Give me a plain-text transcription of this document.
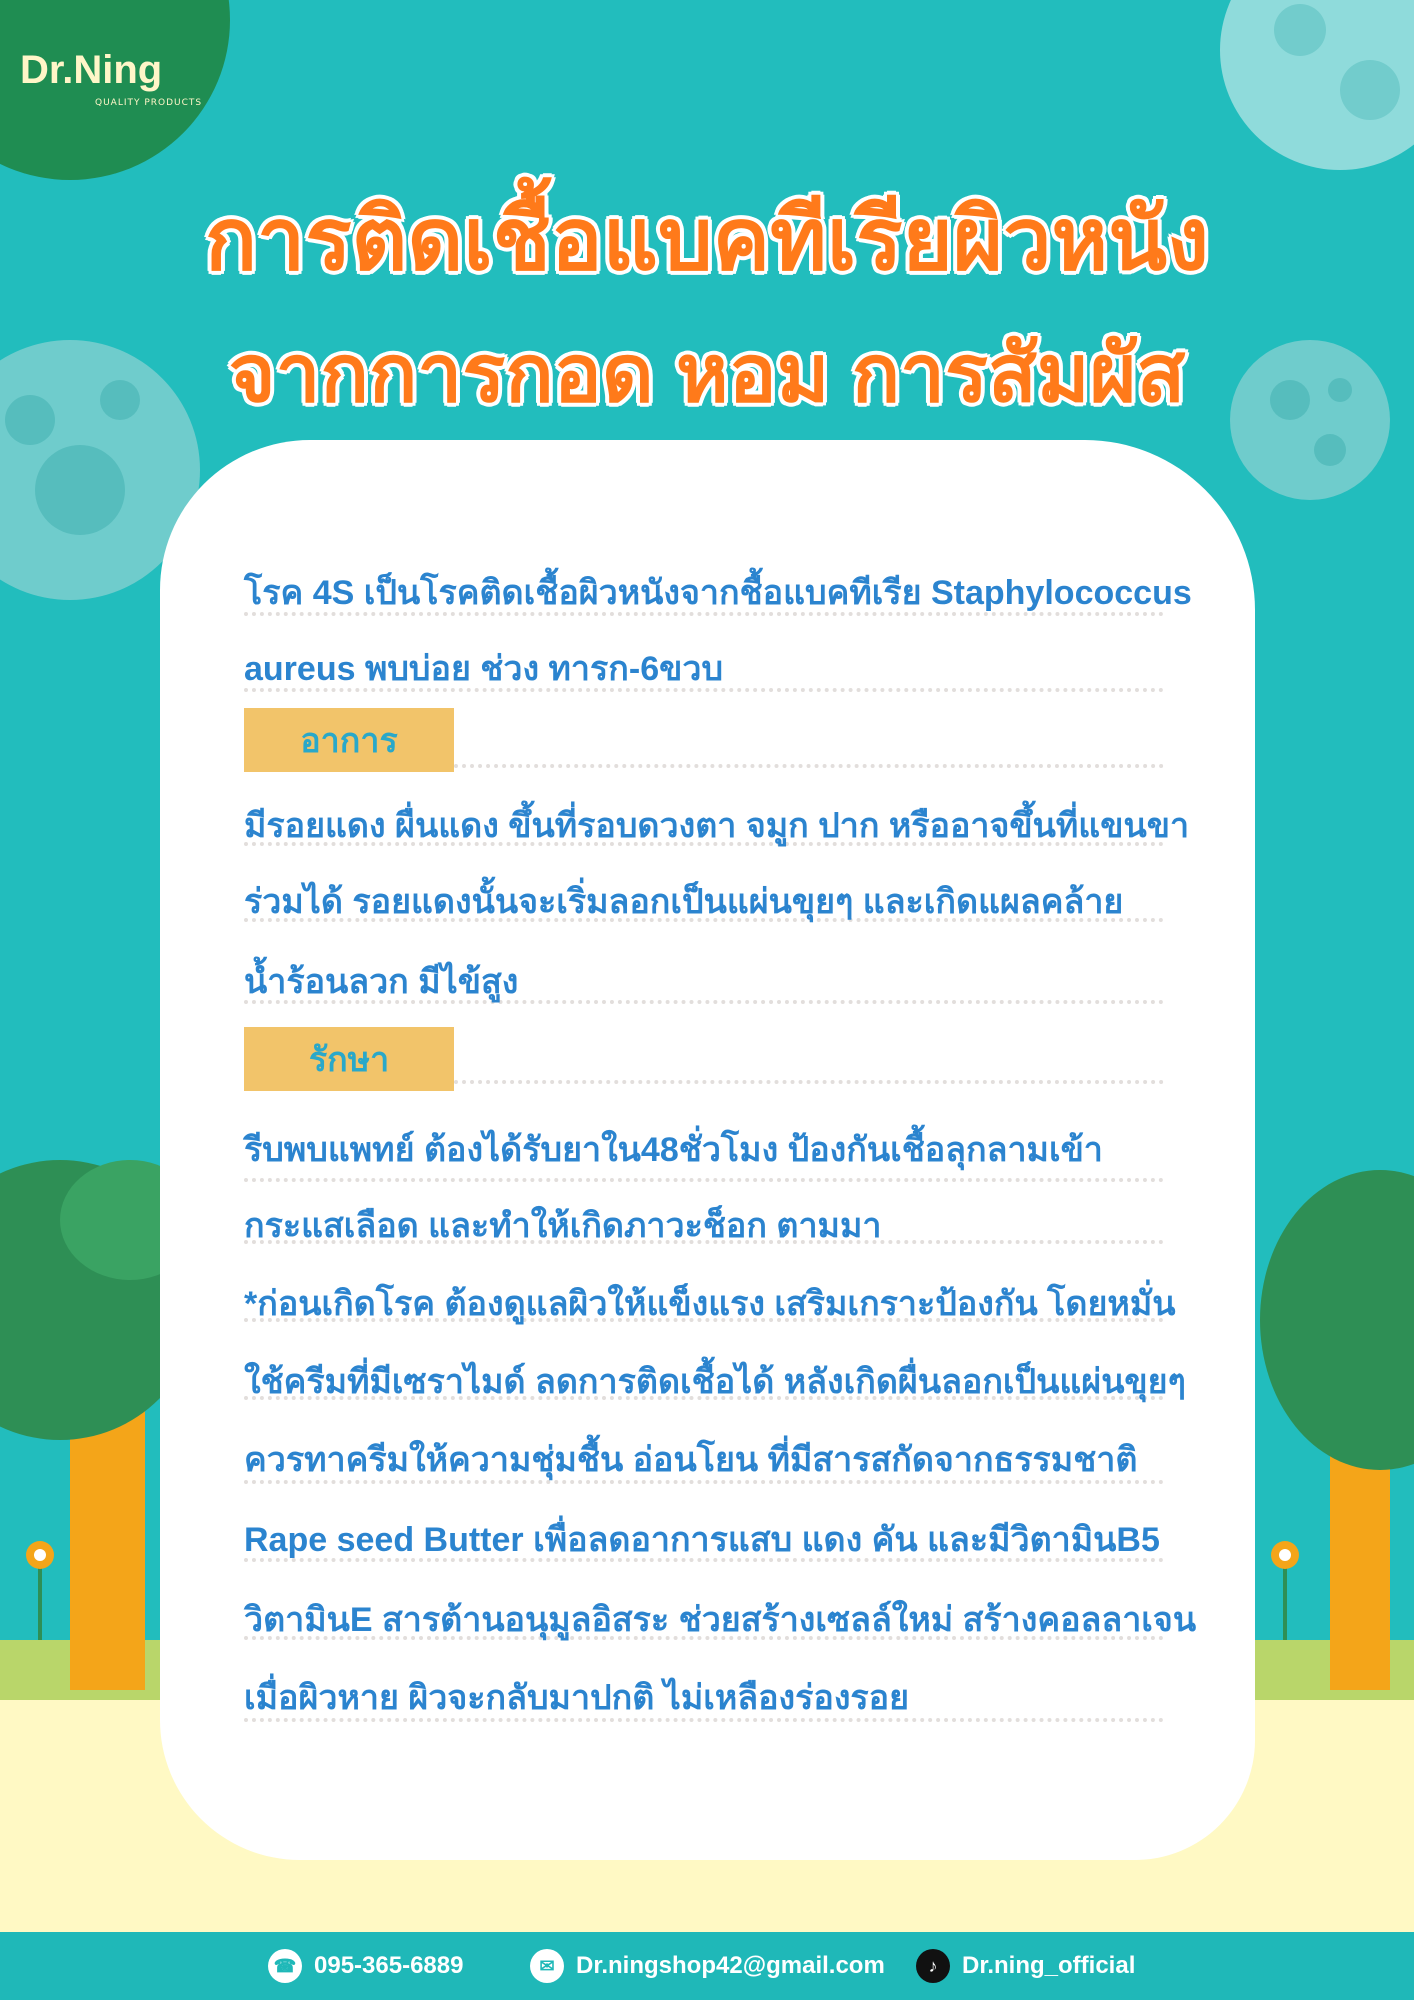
Dr.Ning
QUALITY PRODUCTS
การติดเชื้อแบคทีเรียผิวหนัง
จากการกอด หอม การสัมผัส
โรค 4S เป็นโรคติดเชื้อผิวหนังจากชื้อแบคทีเรีย Staphylococcus
aureus พบบ่อย ช่วง ทารก-6ขวบ
อาการ
มีรอยแดง ผื่นแดง ขึ้นที่รอบดวงตา จมูก ปาก หรืออาจขึ้นที่แขนขา
ร่วมได้ รอยแดงนั้นจะเริ่มลอกเป็นแผ่นขุยๆ และเกิดแผลคล้าย
น้ำร้อนลวก มีไข้สูง
รักษา
รีบพบแพทย์ ต้องได้รับยาใน48ชั่วโมง ป้องกันเชื้อลุกลามเข้า
กระแสเลือด และทำให้เกิดภาวะช็อก ตามมา
*ก่อนเกิดโรค ต้องดูแลผิวให้แข็งแรง เสริมเกราะป้องกัน โดยหมั่น
ใช้ครีมที่มีเซราไมด์ ลดการติดเชื้อได้ หลังเกิดผื่นลอกเป็นแผ่นขุยๆ
ควรทาครีมให้ความชุ่มชื้น อ่อนโยน ที่มีสารสกัดจากธรรมชาติ
Rape seed Butter เพื่อลดอาการแสบ แดง คัน และมีวิตามินB5
วิตามินE สารต้านอนุมูลอิสระ ช่วยสร้างเซลล์ใหม่ สร้างคอลลาเจน
เมื่อผิวหาย ผิวจะกลับมาปกติ ไม่เหลืองร่องรอย
☎ 095-365-6889	✉ Dr.ningshop42@gmail.com	♪	Dr.ning_official
